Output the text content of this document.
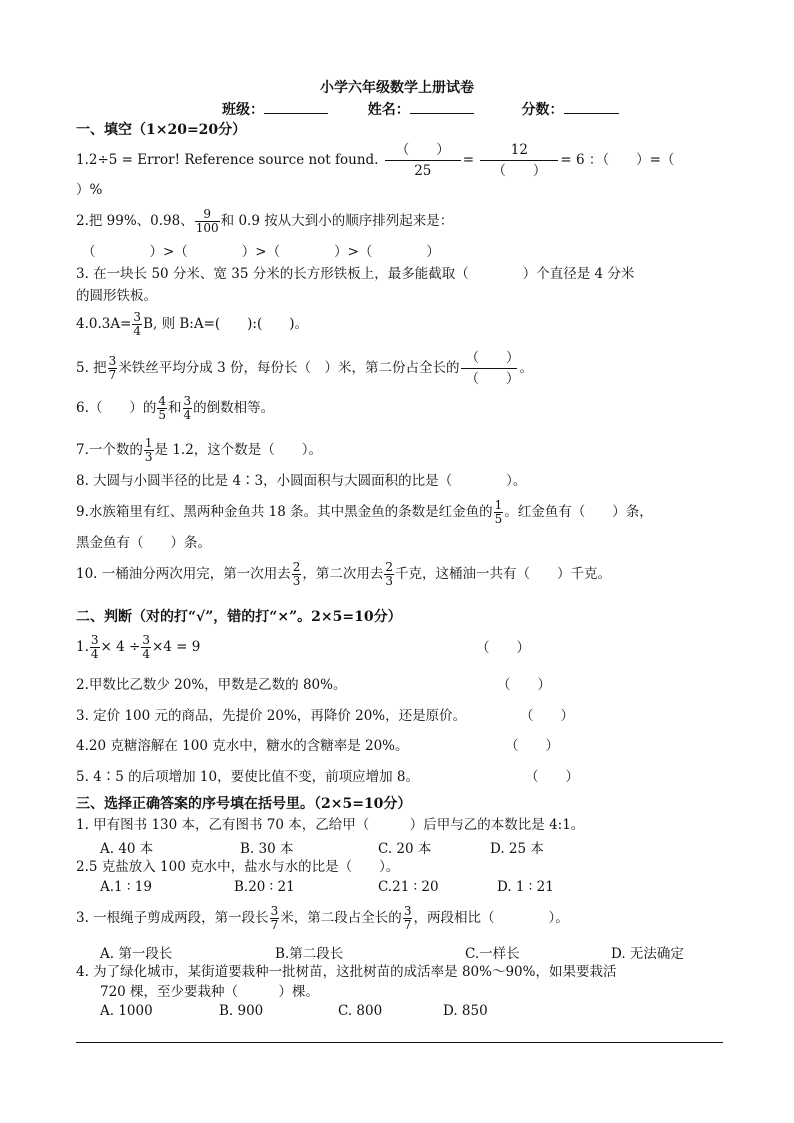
小学六年级数学上册试卷
班级：	姓名：	分数：
一、填空（1×20=20分）
1.2÷5 = Error! Reference source not found.
（　　）
25
=
12
（　　）
= 6 ：（　　）=（
）%
2.把 99%、0.98、 $\frac{9}{100}$ 和 0.9 按从大到小的顺序排列起来是：
（　　　　）>（　　　　）>（　　　　）>（　　　　）
3. 在一块长 50 分米、宽 35 分米的长方形铁板上，最多能截取（　　　　）个直径是 4 分米
的圆形铁板。
$4.0.3A= \frac{3}{4} B$, 则 B:A=(　　):(　　)。
5. 把 $\frac{3}{7}$ 米铁丝平均分成 3 份，每份长（　）米，第二份占全长的
（　　）
（　　）
。
6.（　　）的 $\frac{4}{5}$ 和 $\frac{3}{4}$ 的倒数相等。
7.一个数的 $\frac{1}{3}$ 是 1.2，这个数是（　　）。
8. 大圆与小圆半径的比是 4∶3，小圆面积与大圆面积的比是（　　　　）。
9.水族箱里有红、黑两种金鱼共 18 条。其中黑金鱼的条数是红金鱼的 $\frac{1}{5}$ 。红金鱼有（　　）条，
黑金鱼有（　　）条。
10. 一桶油分两次用完，第一次用去 $\frac{2}{3}$ ，第二次用去 $\frac{2}{3}$ 千克，这桶油一共有（　　）千克。
二、判断（对的打“√”，错的打“×”。2×5=10分）
1. $\frac{3}{4} \times 4 \div \frac{3}{4} \times 4 = 9$	（　　）
2.甲数比乙数少 20%，甲数是乙数的 80%。	（　　）
3. 定价 100 元的商品，先提价 20%，再降价 20%，还是原价。	（　　）
4.20 克糖溶解在 100 克水中，糖水的含糖率是 20%。	（　　）
5. 4∶5 的后项增加 10，要使比值不变，前项应增加 8。	（　　）
三、选择正确答案的序号填在括号里。（2×5=10分）
1. 甲有图书 130 本，乙有图书 70 本，乙给甲（　　　）后甲与乙的本数比是 4:1。
A. 40 本	B. 30 本	C. 20 本	D. 25 本
2.5 克盐放入 100 克水中，盐水与水的比是（　　）。
A.1 ∶ 19	B.20 ∶ 21	C.21 ∶ 20	D. 1 ∶ 21
3. 一根绳子剪成两段，第一段长 $\frac{3}{7}$ 米，第二段占全长的 $\frac{3}{7}$ ，两段相比（　　　　）。
A. 第一段长	B.第二段长	C.一样长	D. 无法确定
4. 为了绿化城市，某街道要栽种一批树苗，这批树苗的成活率是 80%～90%，如果要栽活
720 棵，至少要栽种（　　　）棵。
A. 1000	B. 900	C. 800	D. 850
